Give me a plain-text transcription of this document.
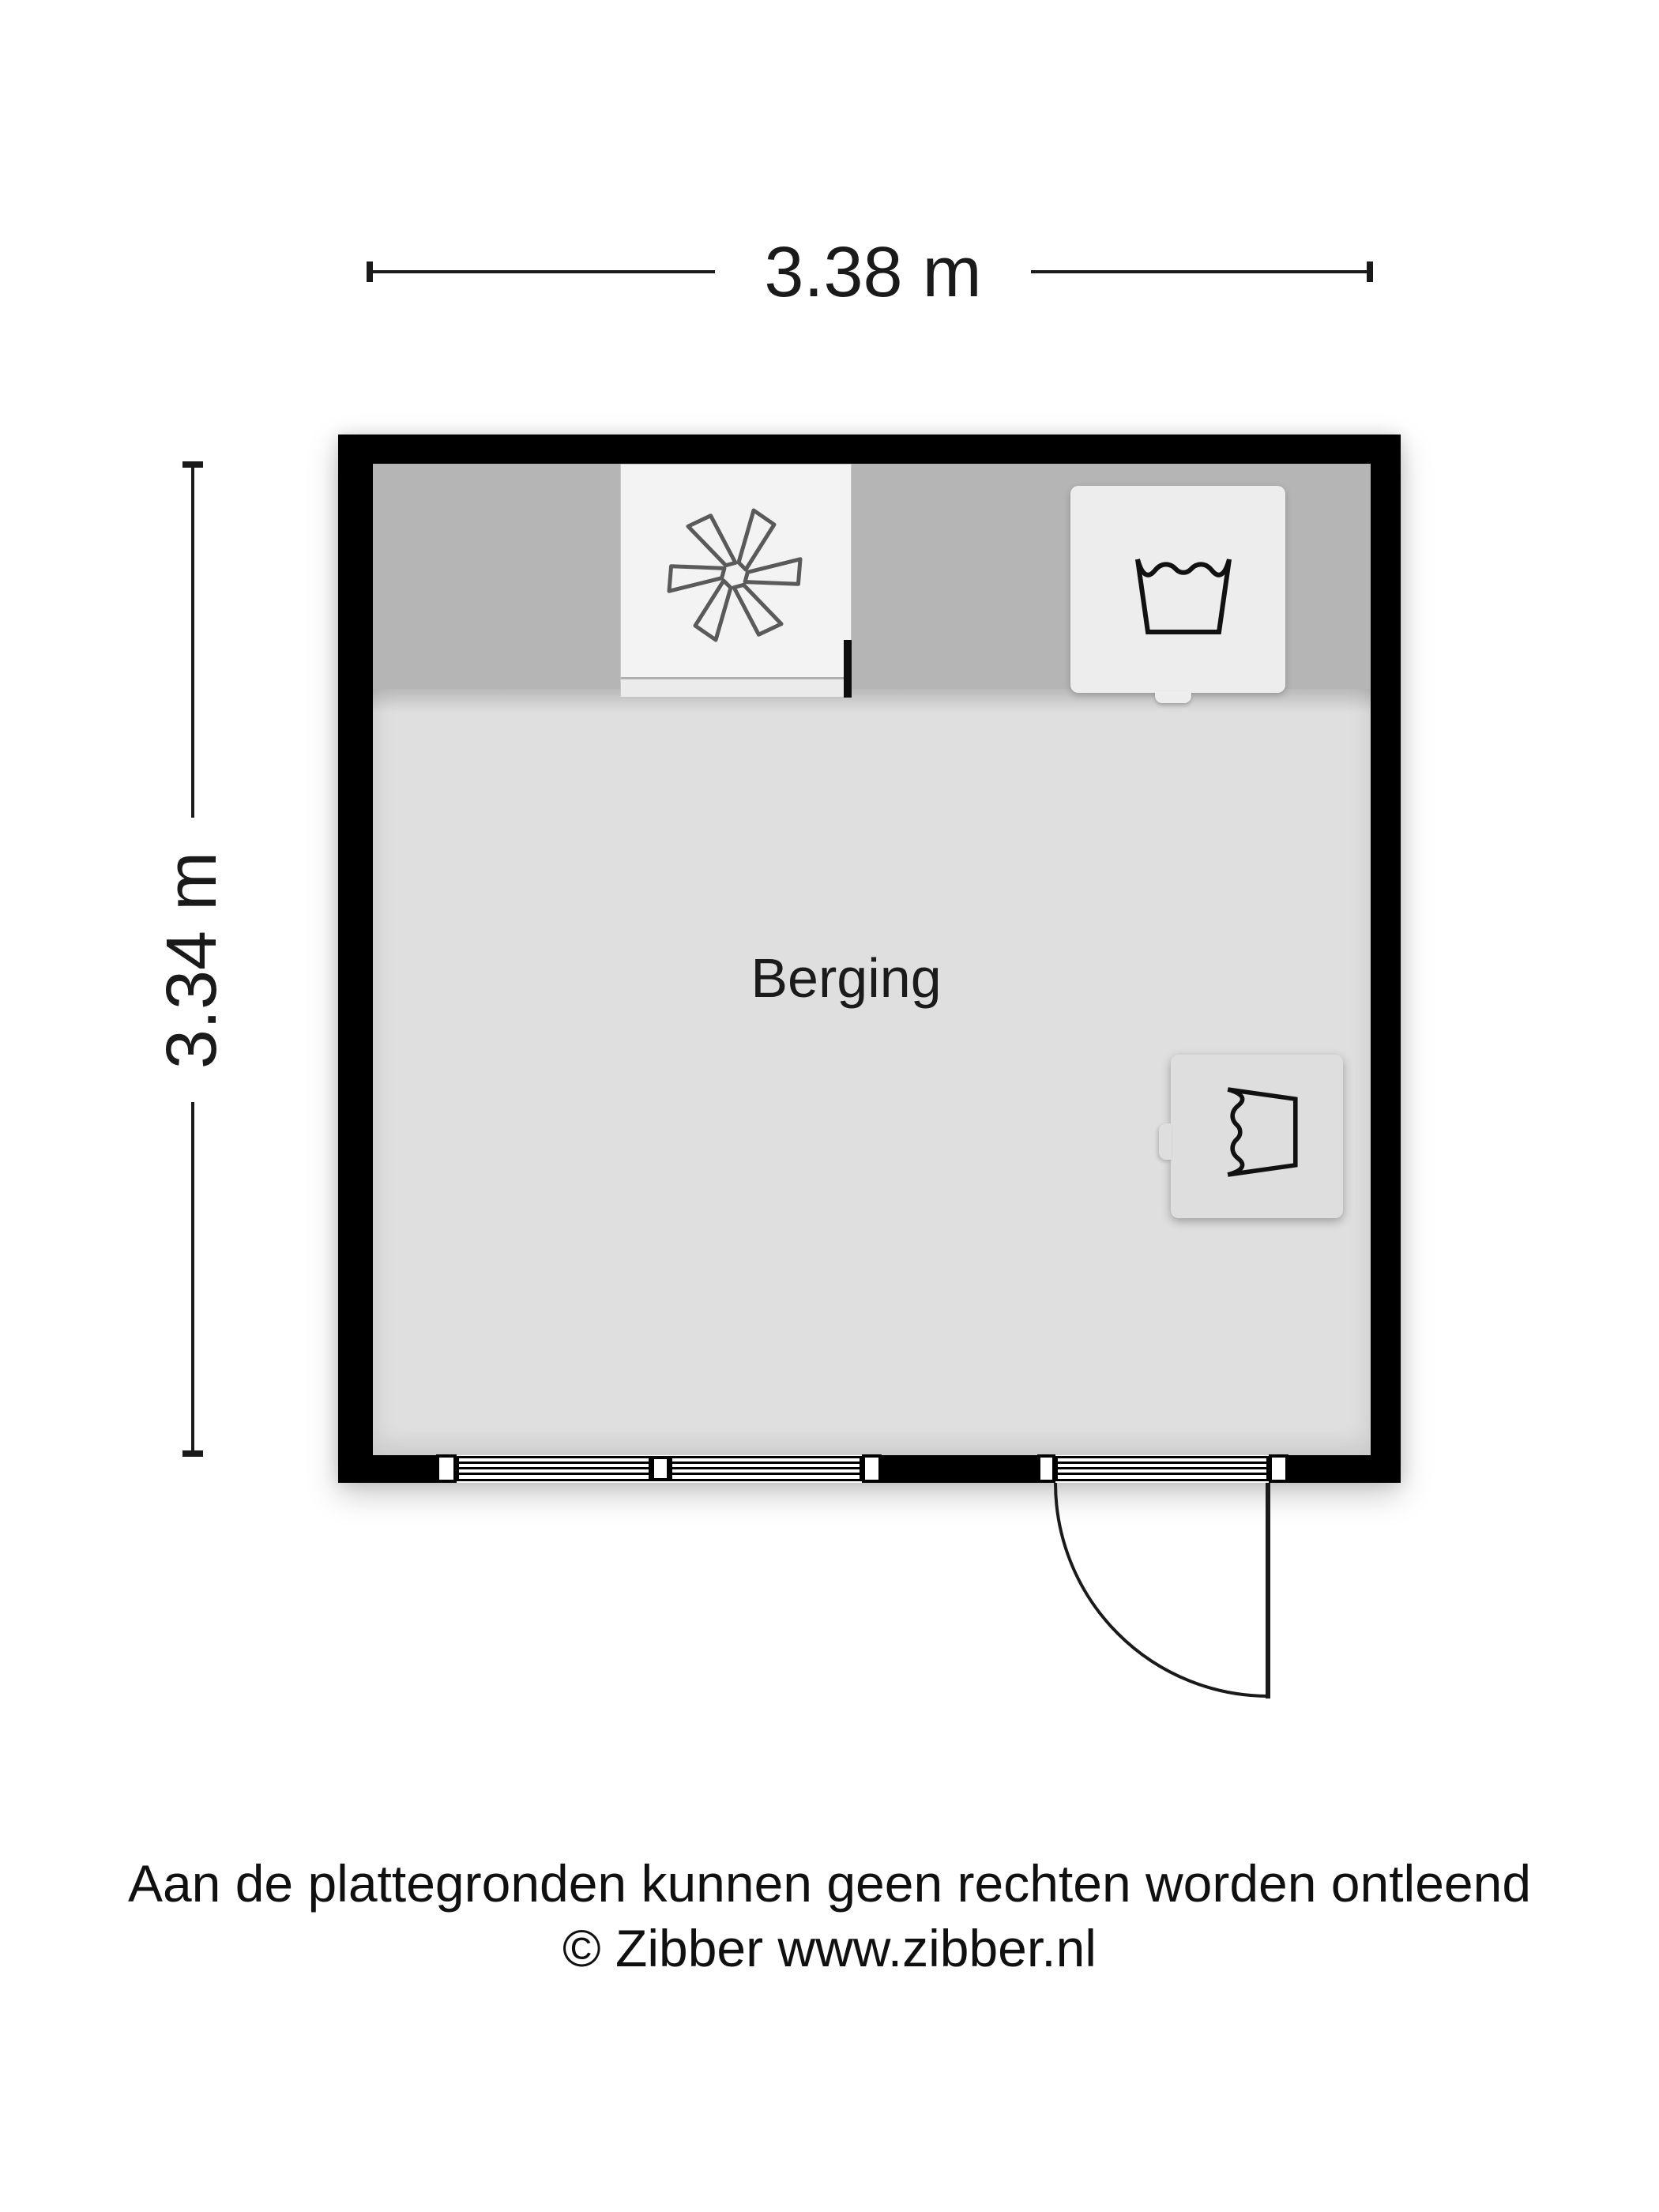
3.38 m
3.34 m	Berging
Aan de plattegronden kunnen geen rechten worden ontleend
© Zibber www.zibber.nl
